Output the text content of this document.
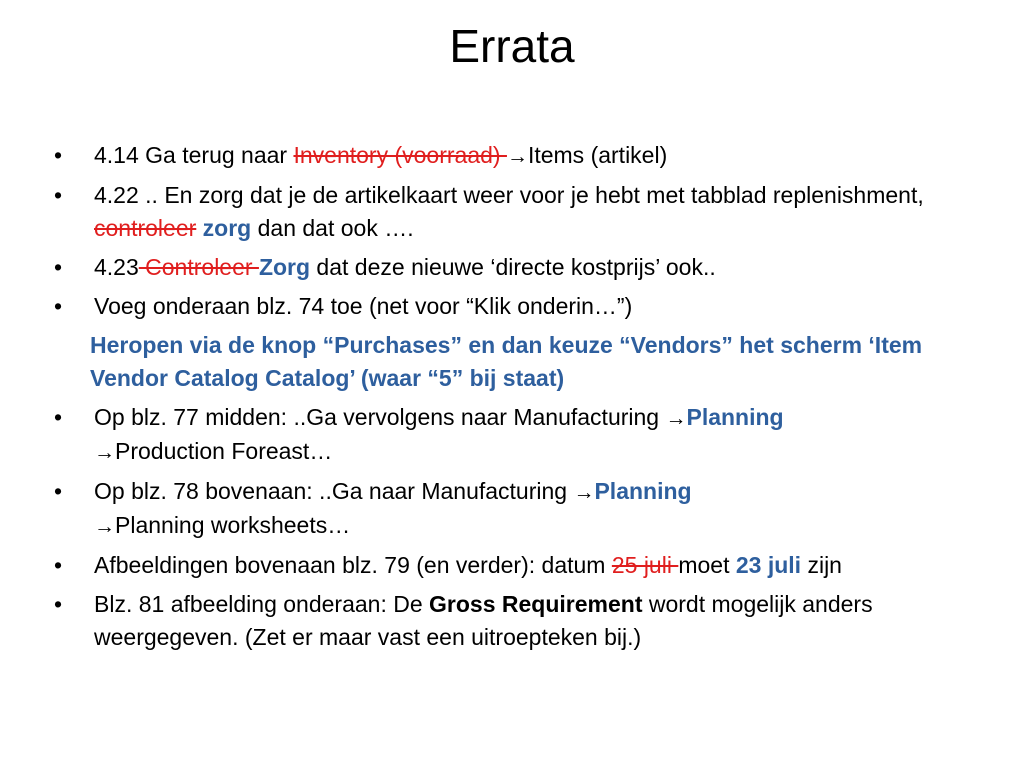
Errata
• 4.14 Ga terug naar Inventory (voorraad) →Items (artikel)
• 4.22 .. En zorg dat je de artikelkaart weer voor je hebt met tabblad replenishment, controleer zorg dan dat ook ….
• 4.23 Controleer Zorg dat deze nieuwe ‘directe kostprijs’ ook..
• Voeg onderaan blz. 74 toe (net voor “Klik onderin…”)
Heropen via de knop “Purchases” en dan keuze “Vendors” het scherm ‘Item Vendor Catalog Catalog’ (waar “5” bij staat)
• Op blz. 77 midden: ..Ga vervolgens naar Manufacturing →Planning
→Production Foreast…
• Op blz. 78 bovenaan: ..Ga naar Manufacturing →Planning
→Planning worksheets…
• Afbeeldingen bovenaan blz. 79 (en verder): datum 25 juli moet 23 juli zijn
• Blz. 81 afbeelding onderaan: De Gross Requirement wordt mogelijk anders weergegeven. (Zet er maar vast een uitroepteken bij.)
